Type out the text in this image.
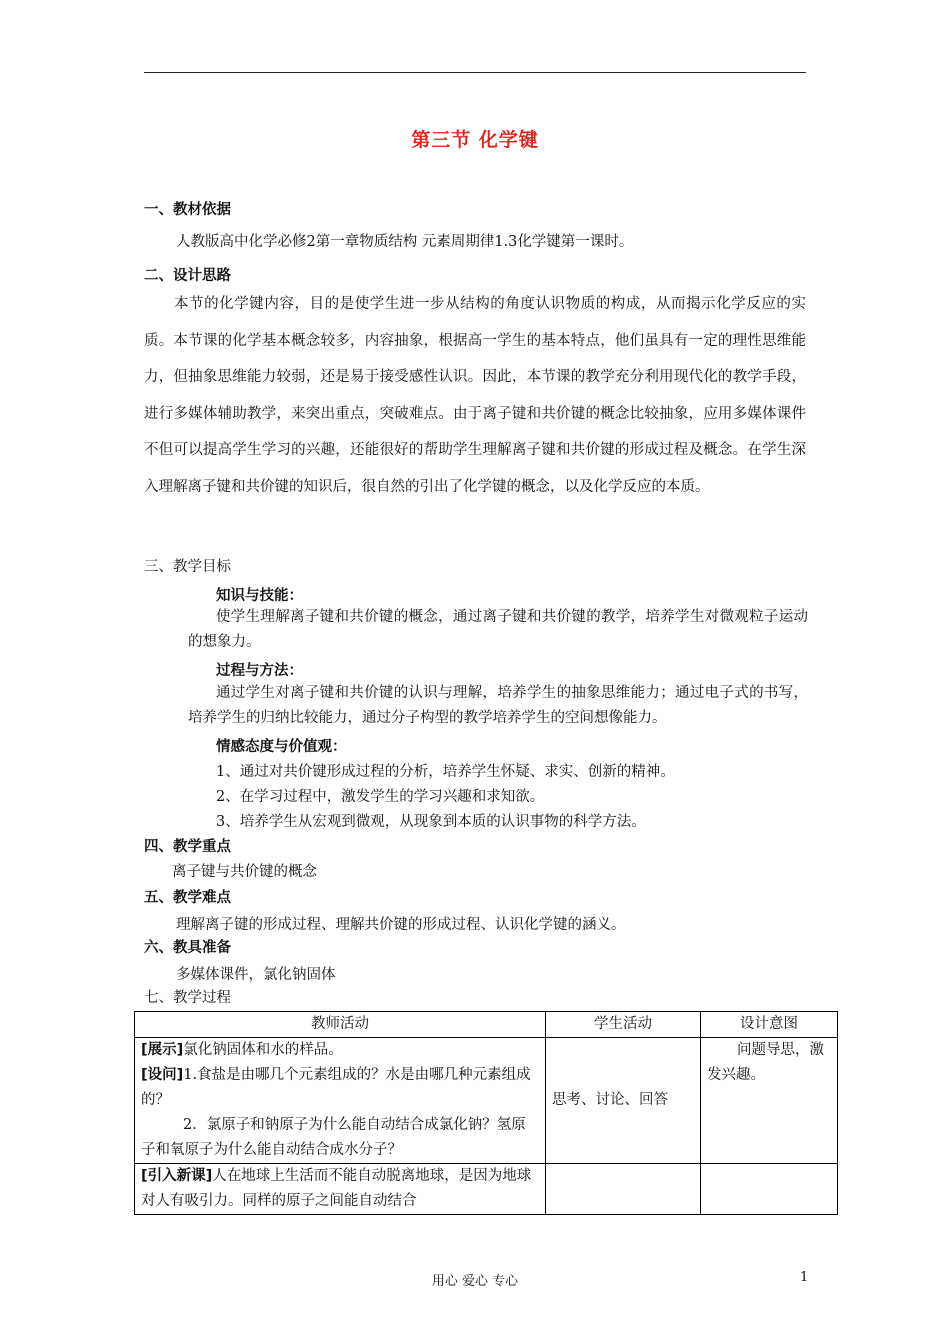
第三节 化学键
一、教材依据
人教版高中化学必修2第一章物质结构 元素周期律1.3化学键第一课时。
二、设计思路
本节的化学键内容，目的是使学生进一步从结构的角度认识物质的构成，从而揭示化学反应的实质。本节课的化学基本概念较多，内容抽象，根据高一学生的基本特点，他们虽具有一定的理性思维能力，但抽象思维能力较弱，还是易于接受感性认识。因此，本节课的教学充分利用现代化的教学手段，进行多媒体辅助教学，来突出重点，突破难点。由于离子键和共价键的概念比较抽象，应用多媒体课件不但可以提高学生学习的兴趣，还能很好的帮助学生理解离子键和共价键的形成过程及概念。在学生深入理解离子键和共价键的知识后，很自然的引出了化学键的概念，以及化学反应的本质。
三、教学目标
知识与技能：
使学生理解离子键和共价键的概念，通过离子键和共价键的教学，培养学生对微观粒子运动的想象力。
过程与方法：
通过学生对离子键和共价键的认识与理解，培养学生的抽象思维能力；通过电子式的书写，培养学生的归纳比较能力，通过分子构型的教学培养学生的空间想像能力。
情感态度与价值观：
1、通过对共价键形成过程的分析，培养学生怀疑、求实、创新的精神。
2、在学习过程中，激发学生的学习兴趣和求知欲。
3、培养学生从宏观到微观，从现象到本质的认识事物的科学方法。
四、教学重点
离子键与共价键的概念
五、教学难点
理解离子键的形成过程、理解共价键的形成过程、认识化学键的涵义。
六、教具准备
多媒体课件，氯化钠固体
七、教学过程
教师活动	学生活动	设计意图

[展示]氯化钠固体和水的样品。
[设问]1.食盐是由哪几个元素组成的？水是由哪几种元素组成的？
2．氯原子和钠原子为什么能自动结合成氯化钠？氢原子和氧原子为什么能自动结合成水分子？	思考、讨论、回答	问题导思，激发兴趣。
[引入新课]人在地球上生活而不能自动脱离地球，是因为地球对人有吸引力。同样的原子之间能自动结合		
用心 爱心 专心	1
